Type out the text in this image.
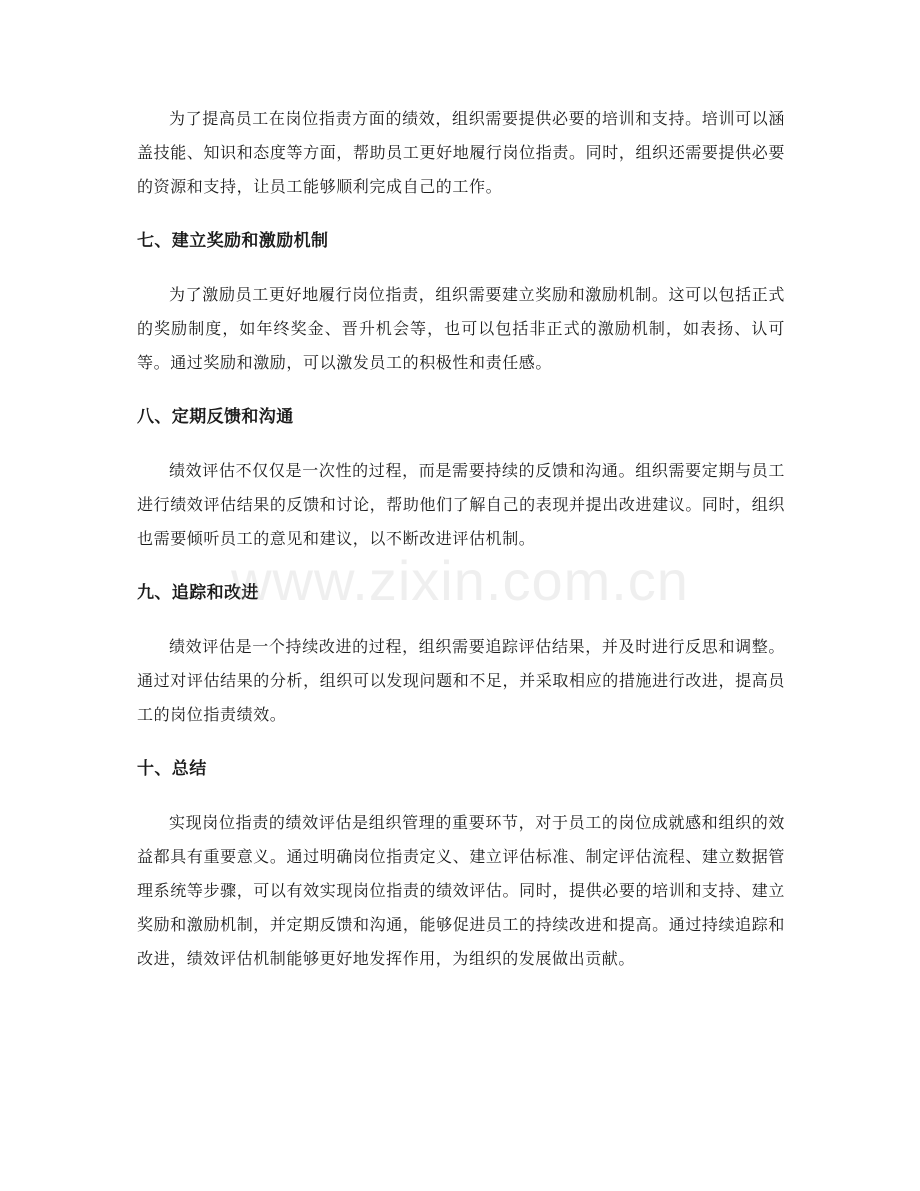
为了提高员工在岗位指责方面的绩效，组织需要提供必要的培训和支持。培训可以涵盖技能、知识和态度等方面，帮助员工更好地履行岗位指责。同时，组织还需要提供必要的资源和支持，让员工能够顺利完成自己的工作。

七、建立奖励和激励机制

为了激励员工更好地履行岗位指责，组织需要建立奖励和激励机制。这可以包括正式的奖励制度，如年终奖金、晋升机会等，也可以包括非正式的激励机制，如表扬、认可等。通过奖励和激励，可以激发员工的积极性和责任感。

八、定期反馈和沟通

绩效评估不仅仅是一次性的过程，而是需要持续的反馈和沟通。组织需要定期与员工进行绩效评估结果的反馈和讨论，帮助他们了解自己的表现并提出改进建议。同时，组织也需要倾听员工的意见和建议，以不断改进评估机制。

九、追踪和改进

绩效评估是一个持续改进的过程，组织需要追踪评估结果，并及时进行反思和调整。通过对评估结果的分析，组织可以发现问题和不足，并采取相应的措施进行改进，提高员工的岗位指责绩效。

十、总结

实现岗位指责的绩效评估是组织管理的重要环节，对于员工的岗位成就感和组织的效益都具有重要意义。通过明确岗位指责定义、建立评估标准、制定评估流程、建立数据管理系统等步骤，可以有效实现岗位指责的绩效评估。同时，提供必要的培训和支持、建立奖励和激励机制，并定期反馈和沟通，能够促进员工的持续改进和提高。通过持续追踪和改进，绩效评估机制能够更好地发挥作用，为组织的发展做出贡献。

www.zixin.com.cn
